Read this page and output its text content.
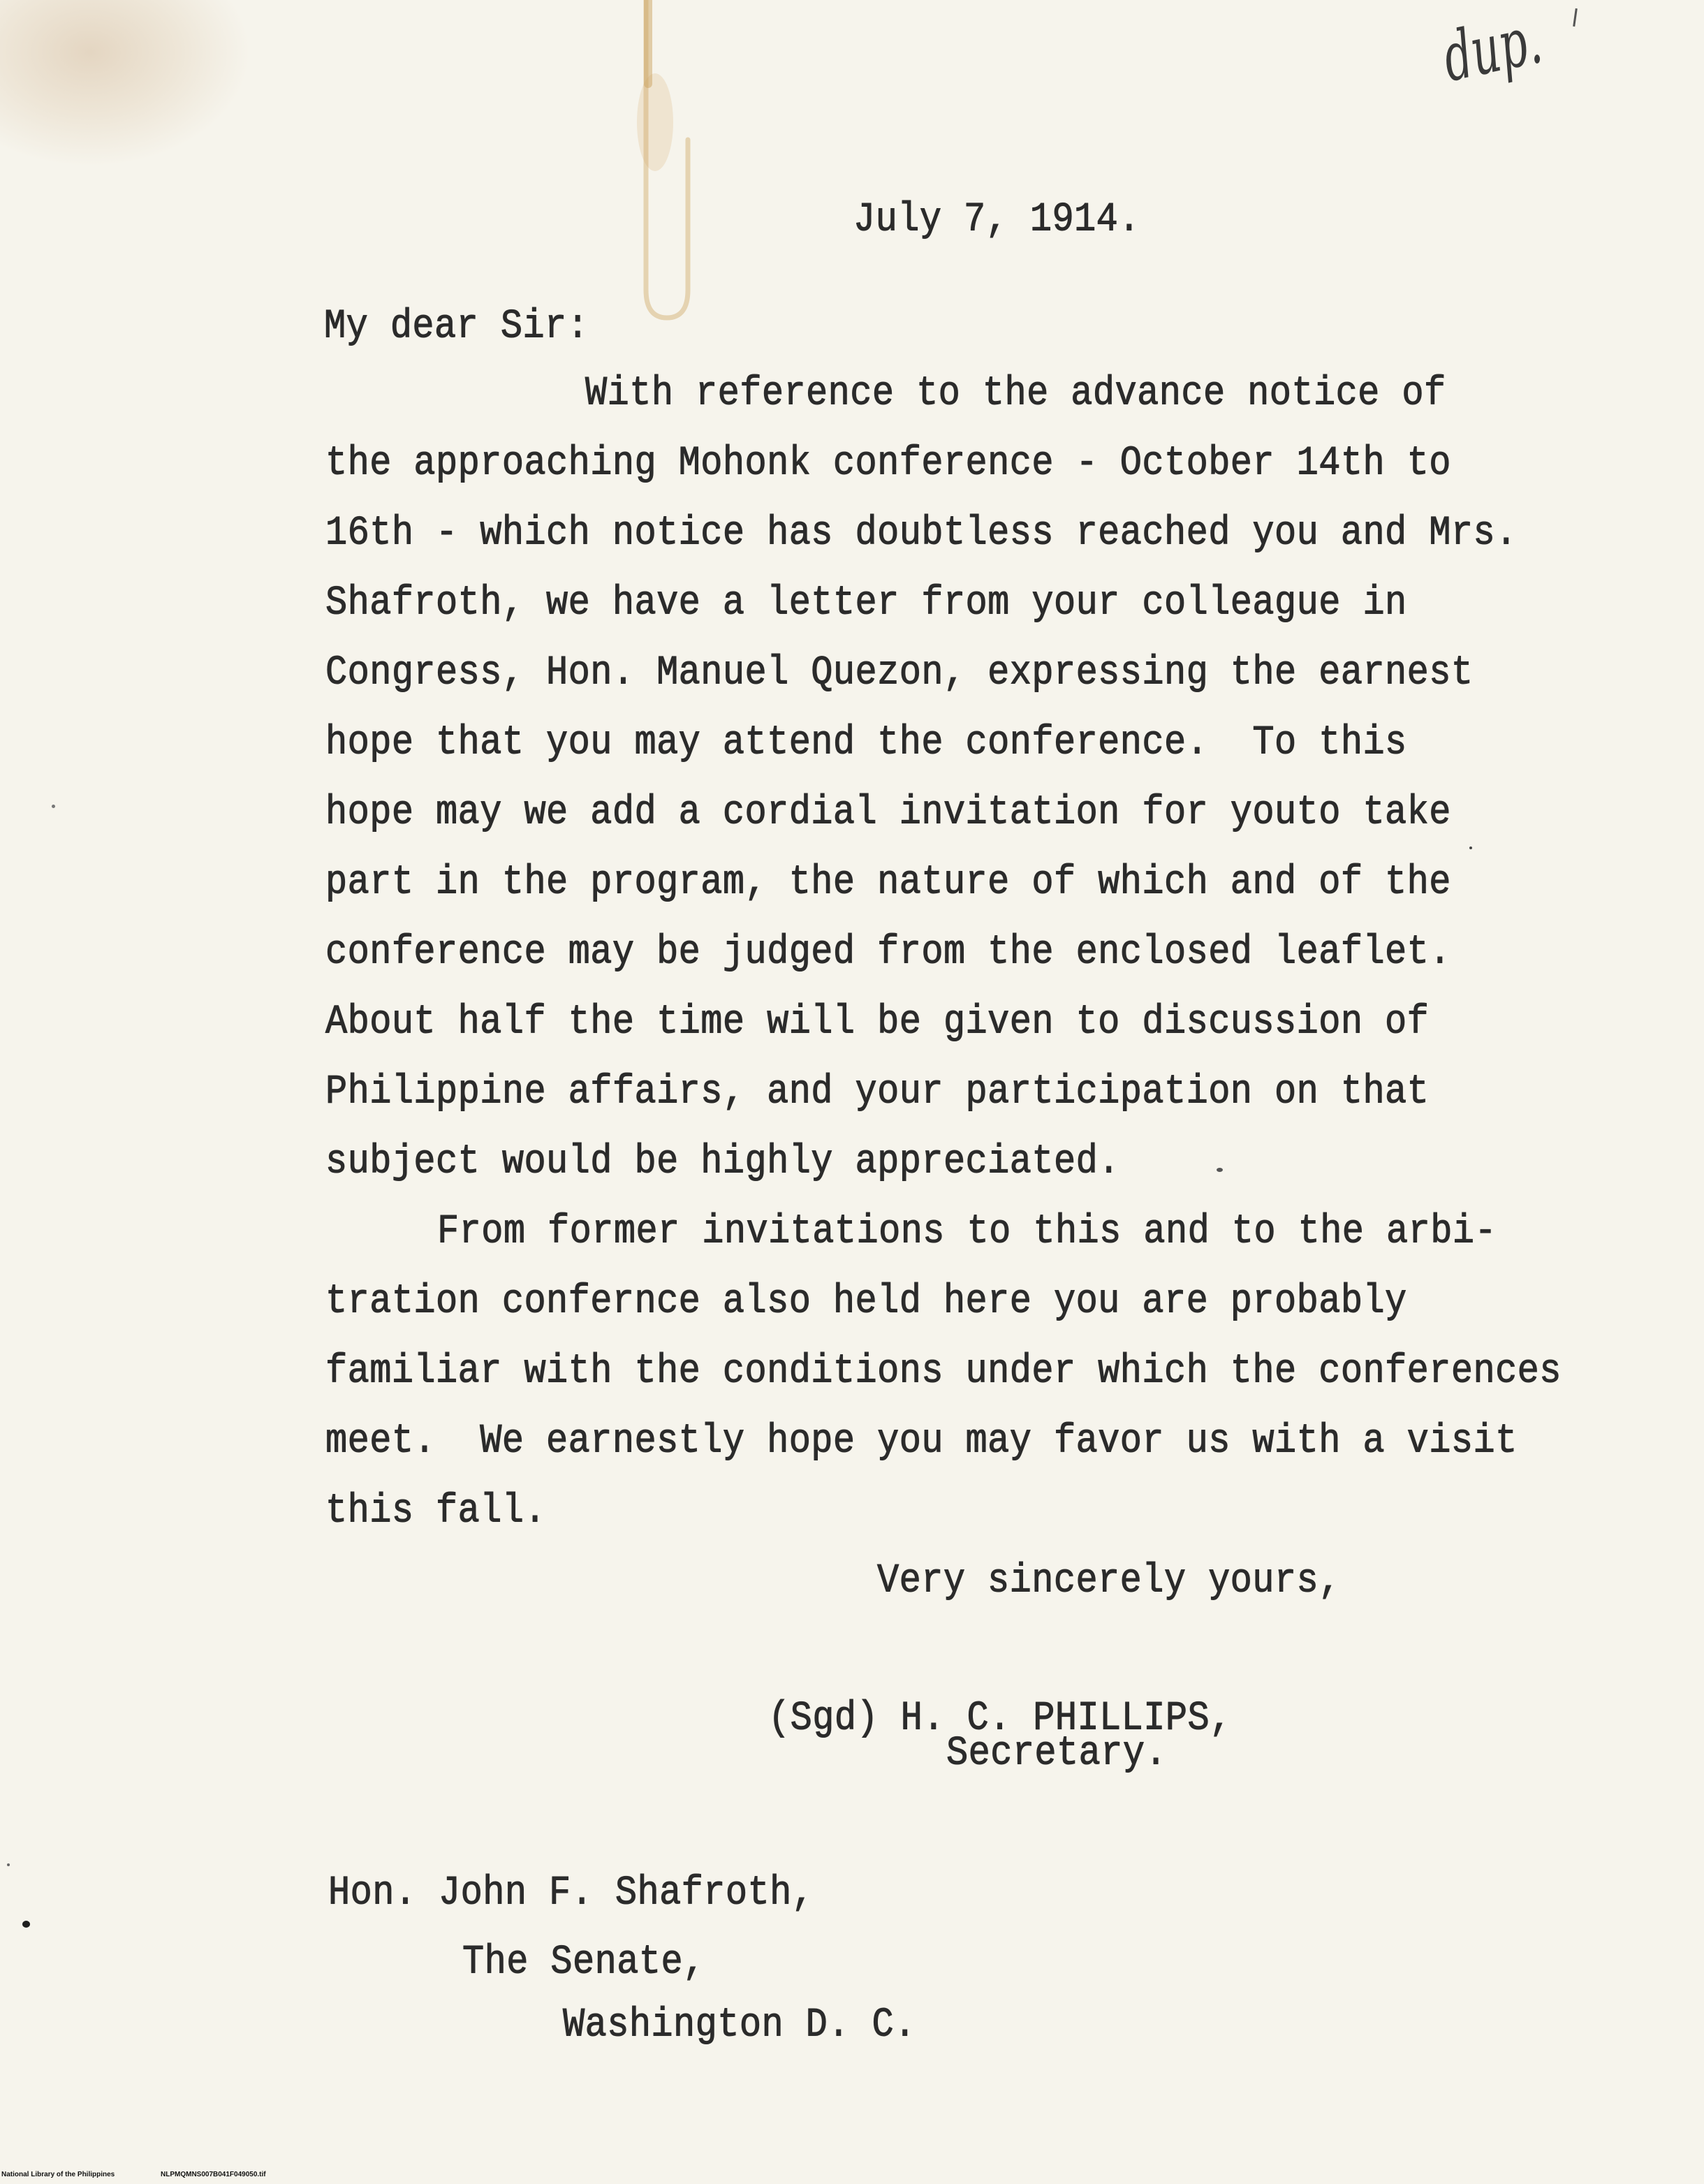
dup.
July 7, 1914.
My dear Sir:
With reference to the advance notice of
the approaching Mohonk conference - October 14th to
16th - which notice has doubtless reached you and Mrs.
Shafroth, we have a letter from your colleague in
Congress, Hon. Manuel Quezon, expressing the earnest
hope that you may attend the conference.  To this
hope may we add a cordial invitation for youto take
part in the program, the nature of which and of the
conference may be judged from the enclosed leaflet.
About half the time will be given to discussion of
Philippine affairs, and your participation on that
subject would be highly appreciated.
From former invitations to this and to the arbi-
tration confernce also held here you are probably
familiar with the conditions under which the conferences
meet.  We earnestly hope you may favor us with a visit
this fall.
Very sincerely yours,
(Sgd) H. C. PHILLIPS,
Secretary.
Hon. John F. Shafroth,
The Senate,
Washington D. C.
National Library of the Philippines	NLPMQMNS007B041F049050.tif
